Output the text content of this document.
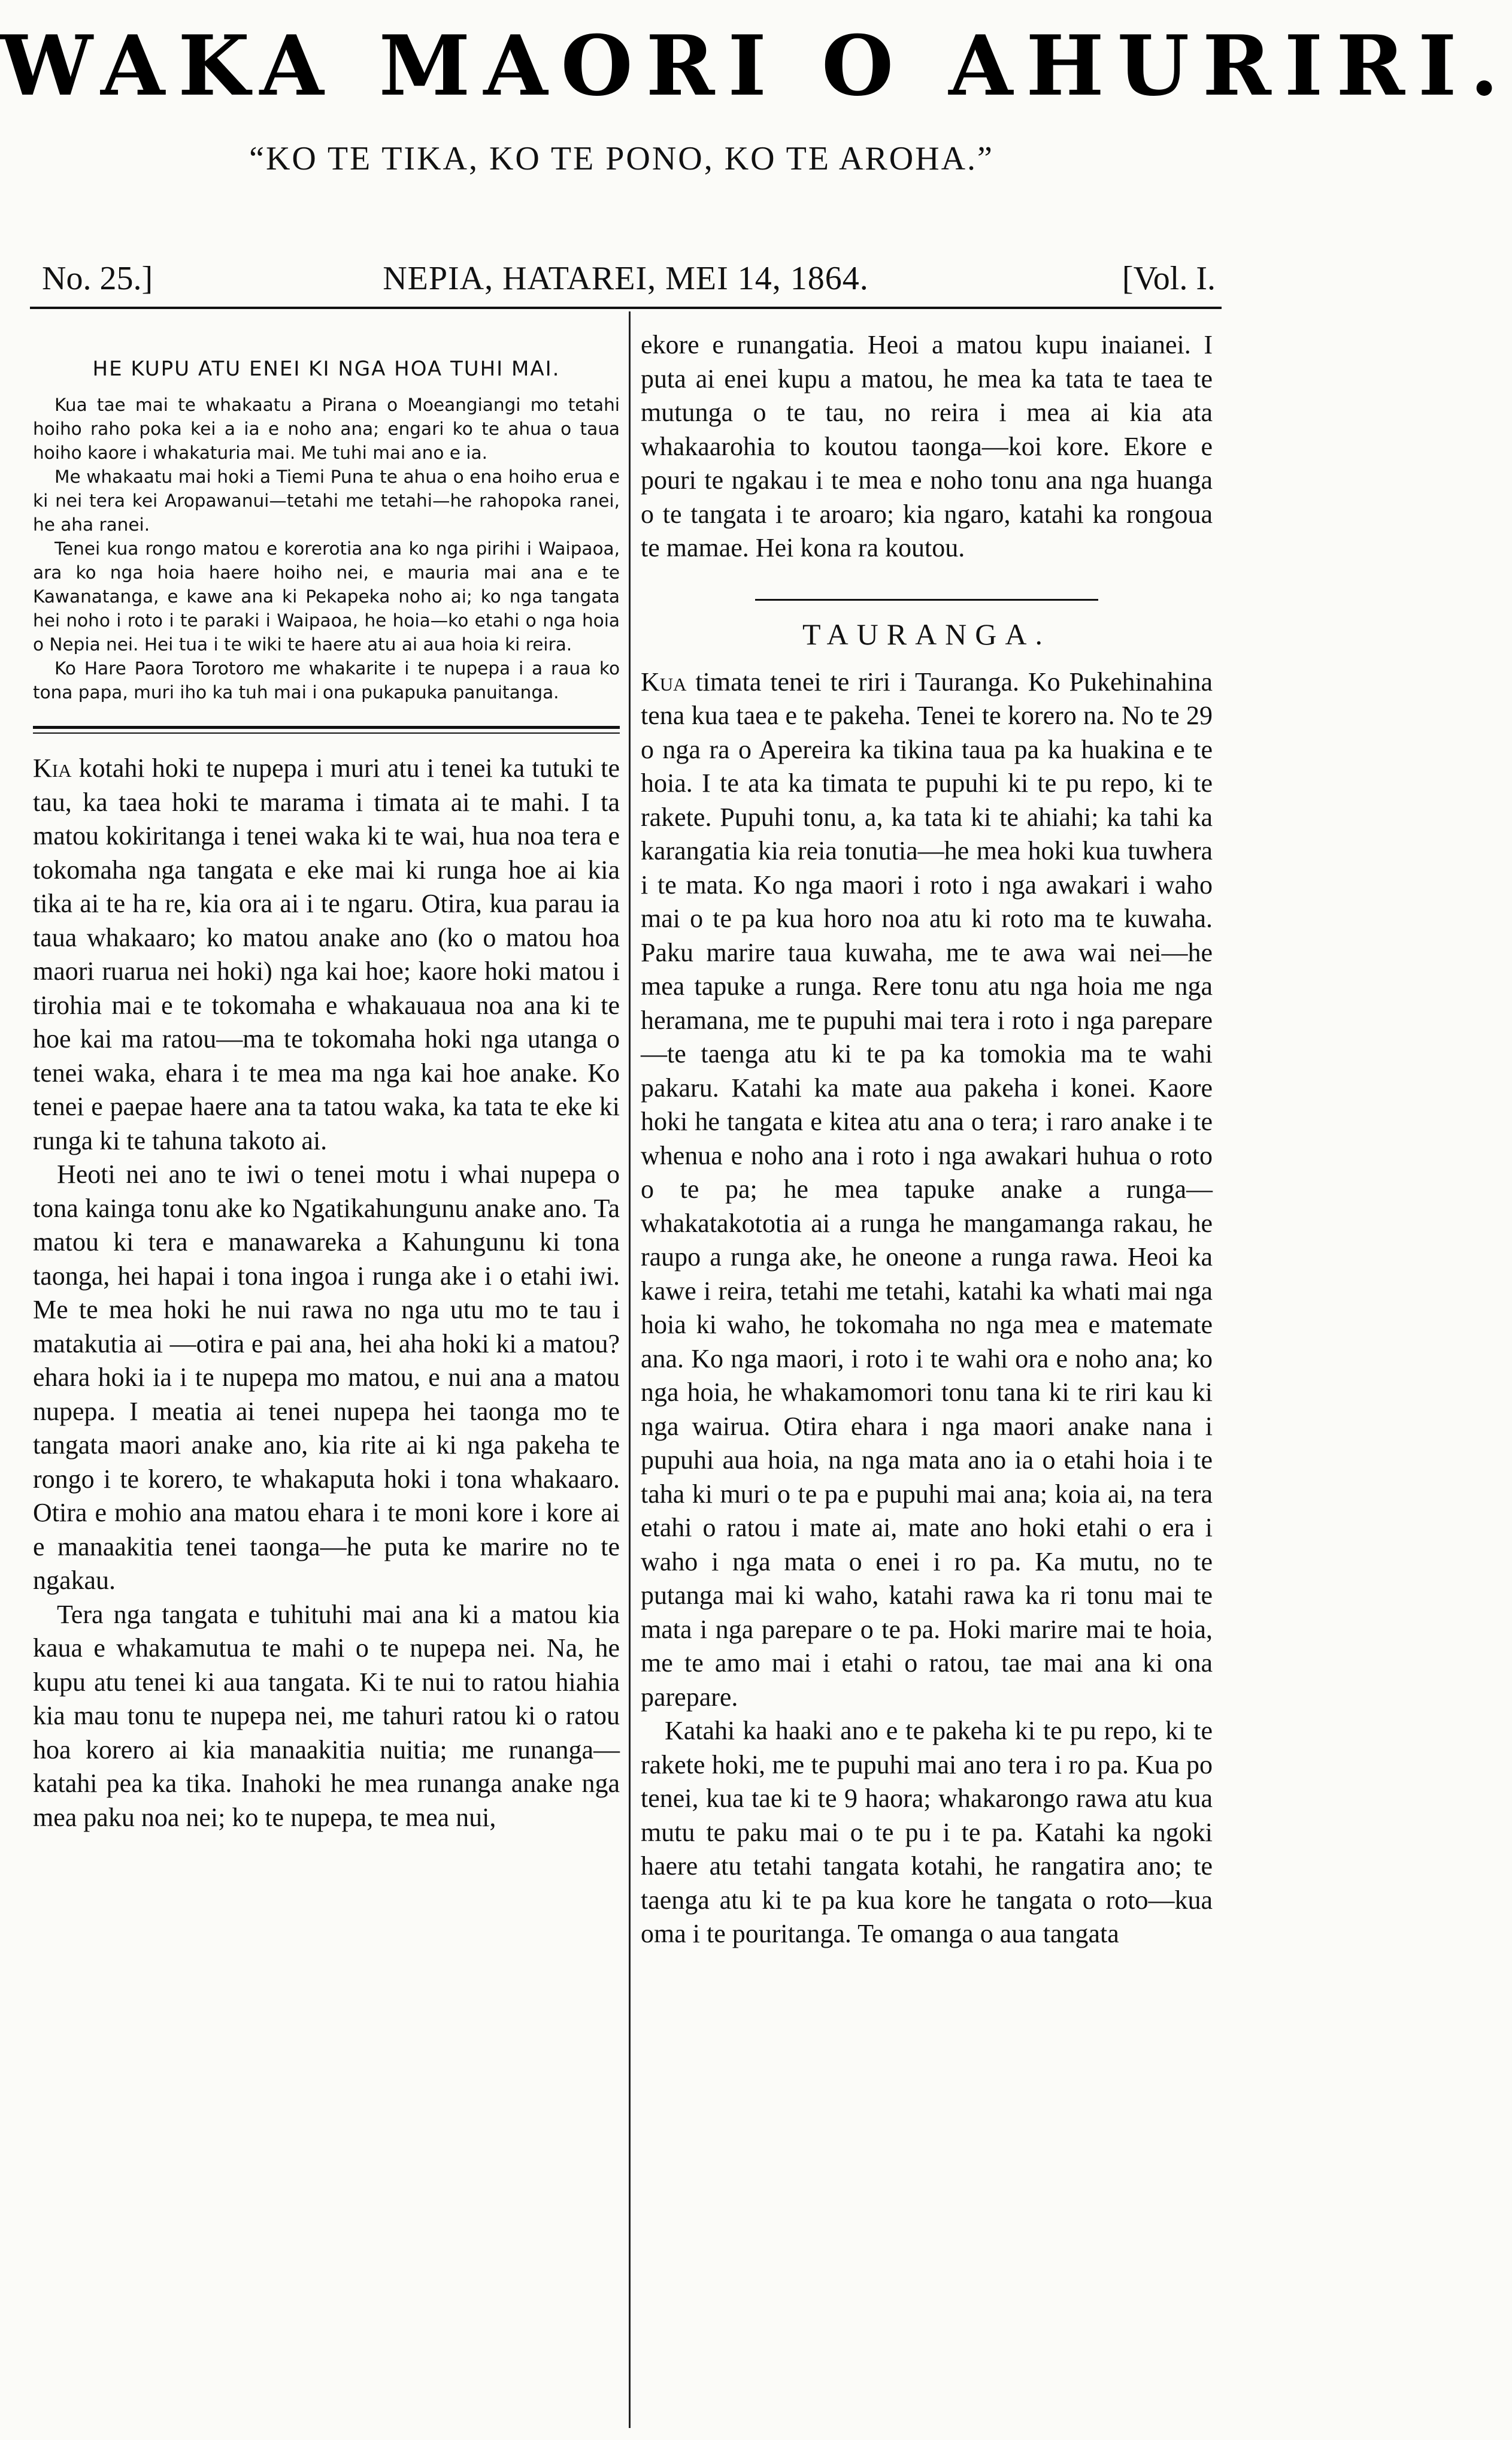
WAKA MAORI O AHURIRI.
“KO TE TIKA, KO TE PONO, KO TE AROHA.”
No. 25.]	NEPIA, HATAREI, MEI 14, 1864.	[Vol. I.
HE KUPU ATU ENEI KI NGA HOA TUHI MAI.

Kua tae mai te whakaatu a Pirana o Moeangiangi mo tetahi hoiho raho poka kei a ia e noho ana; engari ko te ahua o taua hoiho kaore i whakaturia mai. Me tuhi mai ano e ia.

Me whakaatu mai hoki a Tiemi Puna te ahua o ena hoiho erua e ki nei tera kei Aropawanui—tetahi me tetahi—he rahopoka ranei, he aha ranei.

Tenei kua rongo matou e korerotia ana ko nga pirihi i Waipaoa, ara ko nga hoia haere hoiho nei, e mauria mai ana e te Kawanatanga, e kawe ana ki Pekapeka noho ai; ko nga tangata hei noho i roto i te paraki i Waipaoa, he hoia—ko etahi o nga hoia o Nepia nei. Hei tua i te wiki te haere atu ai aua hoia ki reira.

Ko Hare Paora Torotoro me whakarite i te nupepa i a raua ko tona papa, muri iho ka tuh mai i ona pukapuka panuitanga.

Kia kotahi hoki te nupepa i muri atu i tenei ka tutuki te tau, ka taea hoki te marama i timata ai te mahi. I ta matou kokiritanga i tenei waka ki te wai, hua noa tera e tokomaha nga tangata e eke mai ki runga hoe ai kia tika ai te ha re, kia ora ai i te ngaru. Otira, kua parau ia taua whakaaro; ko matou anake ano (ko o matou hoa maori ruarua nei hoki) nga kai hoe; kaore hoki matou i tirohia mai e te tokomaha e whakauaua noa ana ki te hoe kai ma ratou—ma te tokomaha hoki nga utanga o tenei waka, ehara i te mea ma nga kai hoe anake. Ko tenei e paepae haere ana ta tatou waka, ka tata te eke ki runga ki te tahuna takoto ai.

Heoti nei ano te iwi o tenei motu i whai nupepa o tona kainga tonu ake ko Ngatikahungunu anake ano. Ta matou ki tera e manawareka a Kahungunu ki tona taonga, hei hapai i tona ingoa i runga ake i o etahi iwi. Me te mea hoki he nui rawa no nga utu mo te tau i matakutia ai —otira e pai ana, hei aha hoki ki a matou? ehara hoki ia i te nupepa mo matou, e nui ana a matou nupepa. I meatia ai tenei nupepa hei taonga mo te tangata maori anake ano, kia rite ai ki nga pakeha te rongo i te korero, te whakaputa hoki i tona whakaaro. Otira e mohio ana matou ehara i te moni kore i kore ai e manaakitia tenei taonga—he puta ke marire no te ngakau.

Tera nga tangata e tuhituhi mai ana ki a matou kia kaua e whakamutua te mahi o te nupepa nei. Na, he kupu atu tenei ki aua tangata. Ki te nui to ratou hiahia kia mau tonu te nupepa nei, me tahuri ratou ki o ratou hoa korero ai kia manaakitia nuitia; me runanga—katahi pea ka tika. Inahoki he mea runanga anake nga mea paku noa nei; ko te nupepa, te mea nui,

ekore e runangatia. Heoi a matou kupu inaianei. I puta ai enei kupu a matou, he mea ka tata te taea te mutunga o te tau, no reira i mea ai kia ata whakaarohia to koutou taonga—koi kore. Ekore e pouri te ngakau i te mea e noho tonu ana nga huanga o te tangata i te aroaro; kia ngaro, katahi ka rongoua te mamae. Hei kona ra koutou.

TAURANGA.

Kua timata tenei te riri i Tauranga. Ko Pukehinahina tena kua taea e te pakeha. Tenei te korero na. No te 29 o nga ra o Apereira ka tikina taua pa ka huakina e te hoia. I te ata ka timata te pupuhi ki te pu repo, ki te rakete. Pupuhi tonu, a, ka tata ki te ahiahi; ka tahi ka karangatia kia reia tonutia—he mea hoki kua tuwhera i te mata. Ko nga maori i roto i nga awakari i waho mai o te pa kua horo noa atu ki roto ma te kuwaha. Paku marire taua kuwaha, me te awa wai nei—he mea tapuke a runga. Rere tonu atu nga hoia me nga heramana, me te pupuhi mai tera i roto i nga parepare—te taenga atu ki te pa ka tomokia ma te wahi pakaru. Katahi ka mate aua pakeha i konei. Kaore hoki he tangata e kitea atu ana o tera; i raro anake i te whenua e noho ana i roto i nga awakari huhua o roto o te pa; he mea tapuke anake a runga—whakatakototia ai a runga he mangamanga rakau, he raupo a runga ake, he oneone a runga rawa. Heoi ka kawe i reira, tetahi me tetahi, katahi ka whati mai nga hoia ki waho, he tokomaha no nga mea e matemate ana. Ko nga maori, i roto i te wahi ora e noho ana; ko nga hoia, he whakamomori tonu tana ki te riri kau ki nga wairua. Otira ehara i nga maori anake nana i pupuhi aua hoia, na nga mata ano ia o etahi hoia i te taha ki muri o te pa e pupuhi mai ana; koia ai, na tera etahi o ratou i mate ai, mate ano hoki etahi o era i waho i nga mata o enei i ro pa. Ka mutu, no te putanga mai ki waho, katahi rawa ka ri tonu mai te mata i nga parepare o te pa. Hoki marire mai te hoia, me te amo mai i etahi o ratou, tae mai ana ki ona parepare.

Katahi ka haaki ano e te pakeha ki te pu repo, ki te rakete hoki, me te pupuhi mai ano tera i ro pa. Kua po tenei, kua tae ki te 9 haora; whakarongo rawa atu kua mutu te paku mai o te pu i te pa. Katahi ka ngoki haere atu tetahi tangata kotahi, he rangatira ano; te taenga atu ki te pa kua kore he tangata o roto—kua oma i te pouritanga. Te omanga o aua tangata
